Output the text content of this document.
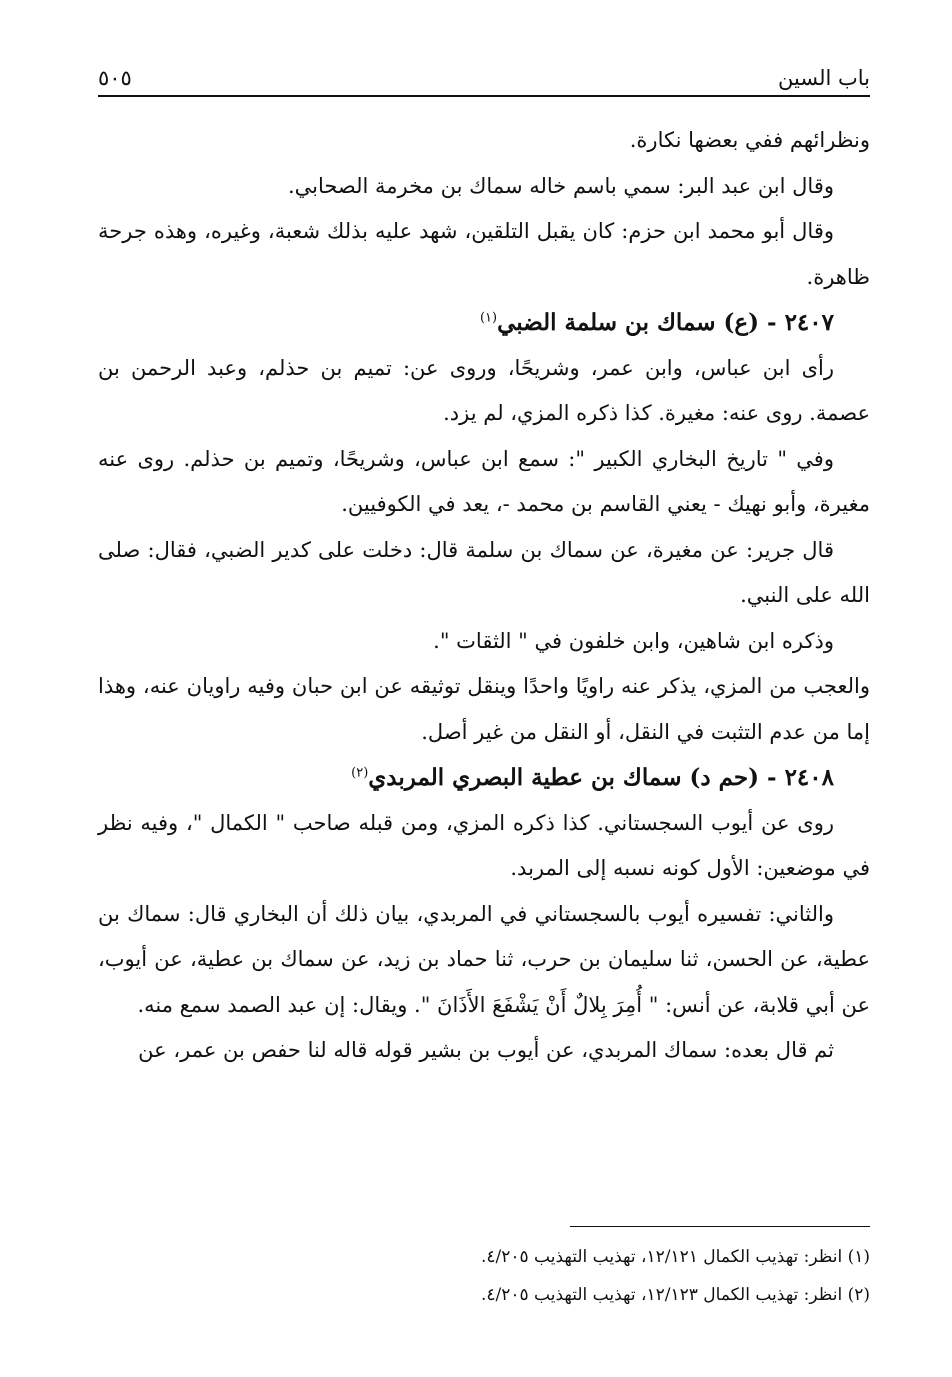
باب السين
٥٠٥

ونظرائهم ففي بعضها نكارة.

وقال ابن عبد البر: سمي باسم خاله سماك بن مخرمة الصحابي.

وقال أبو محمد ابن حزم: كان يقبل التلقين، شهد عليه بذلك شعبة، وغيره، وهذه جرحة ظاهرة.

٢٤٠٧ - (ع) سماك بن سلمة الضبي$^{(١)}$

رأى ابن عباس، وابن عمر، وشريحًا، وروى عن: تميم بن حذلم، وعبد الرحمن بن عصمة. روى عنه: مغيرة. كذا ذكره المزي، لم يزد.

وفي " تاريخ البخاري الكبير ": سمع ابن عباس، وشريحًا، وتميم بن حذلم. روى عنه مغيرة، وأبو نهيك - يعني القاسم بن محمد -، يعد في الكوفيين.

قال جرير: عن مغيرة، عن سماك بن سلمة قال: دخلت على كدير الضبي، فقال: صلى الله على النبي.

وذكره ابن شاهين، وابن خلفون في " الثقات ".

والعجب من المزي، يذكر عنه راويًا واحدًا وينقل توثيقه عن ابن حبان وفيه راويان عنه، وهذا إما من عدم التثبت في النقل، أو النقل من غير أصل.

٢٤٠٨ - (حم د) سماك بن عطية البصري المربدي$^{(٢)}$

روى عن أيوب السجستاني. كذا ذكره المزي، ومن قبله صاحب " الكمال "، وفيه نظر في موضعين: الأول كونه نسبه إلى المربد.

والثاني: تفسيره أيوب بالسجستاني في المربدي، بيان ذلك أن البخاري قال: سماك بن عطية، عن الحسن، ثنا سليمان بن حرب، ثنا حماد بن زيد، عن سماك بن عطية، عن أيوب، عن أبي قلابة، عن أنس: " أُمِرَ بِلالٌ أَنْ يَشْفَعَ الأَذَانَ ". ويقال: إن عبد الصمد سمع منه.

ثم قال بعده: سماك المربدي، عن أيوب بن بشير قوله قاله لنا حفص بن عمر، عن

(١) انظر: تهذيب الكمال ١٢/١٢١، تهذيب التهذيب ٤/٢٠٥.

(٢) انظر: تهذيب الكمال ١٢/١٢٣، تهذيب التهذيب ٤/٢٠٥.
